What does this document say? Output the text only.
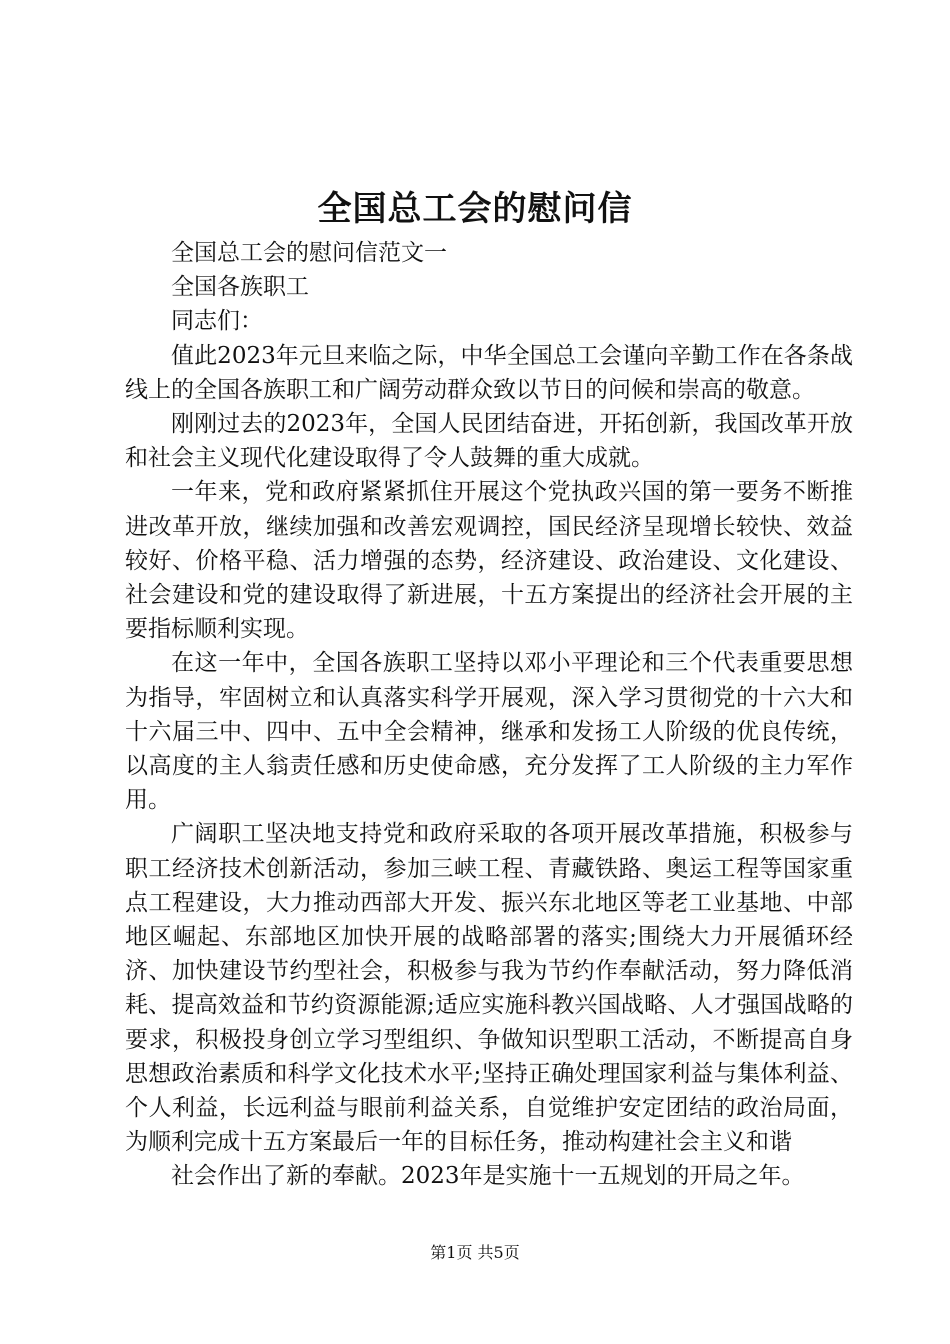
全国总工会的慰问信

全国总工会的慰问信范文一

全国各族职工

同志们：

值此2023年元旦来临之际，中华全国总工会谨向辛勤工作在各条战线上的全国各族职工和广阔劳动群众致以节日的问候和崇高的敬意。

刚刚过去的2023年，全国人民团结奋进，开拓创新，我国改革开放和社会主义现代化建设取得了令人鼓舞的重大成就。

一年来，党和政府紧紧抓住开展这个党执政兴国的第一要务不断推进改革开放，继续加强和改善宏观调控，国民经济呈现增长较快、效益较好、价格平稳、活力增强的态势，经济建设、政治建设、文化建设、社会建设和党的建设取得了新进展，十五方案提出的经济社会开展的主要指标顺利实现。

在这一年中，全国各族职工坚持以邓小平理论和三个代表重要思想为指导，牢固树立和认真落实科学开展观，深入学习贯彻党的十六大和十六届三中、四中、五中全会精神，继承和发扬工人阶级的优良传统，以高度的主人翁责任感和历史使命感，充分发挥了工人阶级的主力军作用。

广阔职工坚决地支持党和政府采取的各项开展改革措施，积极参与职工经济技术创新活动，参加三峡工程、青藏铁路、奥运工程等国家重点工程建设，大力推动西部大开发、振兴东北地区等老工业基地、中部地区崛起、东部地区加快开展的战略部署的落实;围绕大力开展循环经济、加快建设节约型社会，积极参与我为节约作奉献活动，努力降低消耗、提高效益和节约资源能源;适应实施科教兴国战略、人才强国战略的要求，积极投身创立学习型组织、争做知识型职工活动，不断提高自身思想政治素质和科学文化技术水平;坚持正确处理国家利益与集体利益、个人利益，长远利益与眼前利益关系，自觉维护安定团结的政治局面，为顺利完成十五方案最后一年的目标任务，推动构建社会主义和谐

社会作出了新的奉献。2023年是实施十一五规划的开局之年。

第1页 共5页
